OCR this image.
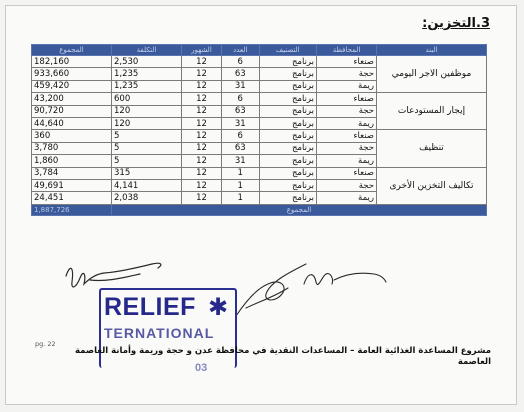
3.التخزين:
البند	المحافظة	التصنيف	العدد	الشهور	التكلفة	المجموع
موظفين الاجر اليومي	صنعاء	برنامج	6	12	2,530	182,160
	حجة	برنامج	63	12	1,235	933,660
	ريمة	برنامج	31	12	1,235	459,420
إيجار المستودعات	صنعاء	برنامج	6	12	600	43,200
	حجة	برنامج	63	12	120	90,720
	ريمة	برنامج	31	12	120	44,640
تنظيف	صنعاء	برنامج	6	12	5	360
	حجة	برنامج	63	12	5	3,780
	ريمة	برنامج	31	12	5	1,860
تكاليف التخزين الأخرى	صنعاء	برنامج	1	12	315	3,784
	حجة	برنامج	1	12	4,141	49,691
	ريمة	برنامج	1	12	2,038	24,451
المجموع						1,887,726
RELIEF ✱
TERNATIONAL
03
pg. 22
مشروع المساعدة الغذائية العامة – المساعدات النقدية في محافظة عدن و حجة وريمة وأمانة العاصمة
العاصمة
